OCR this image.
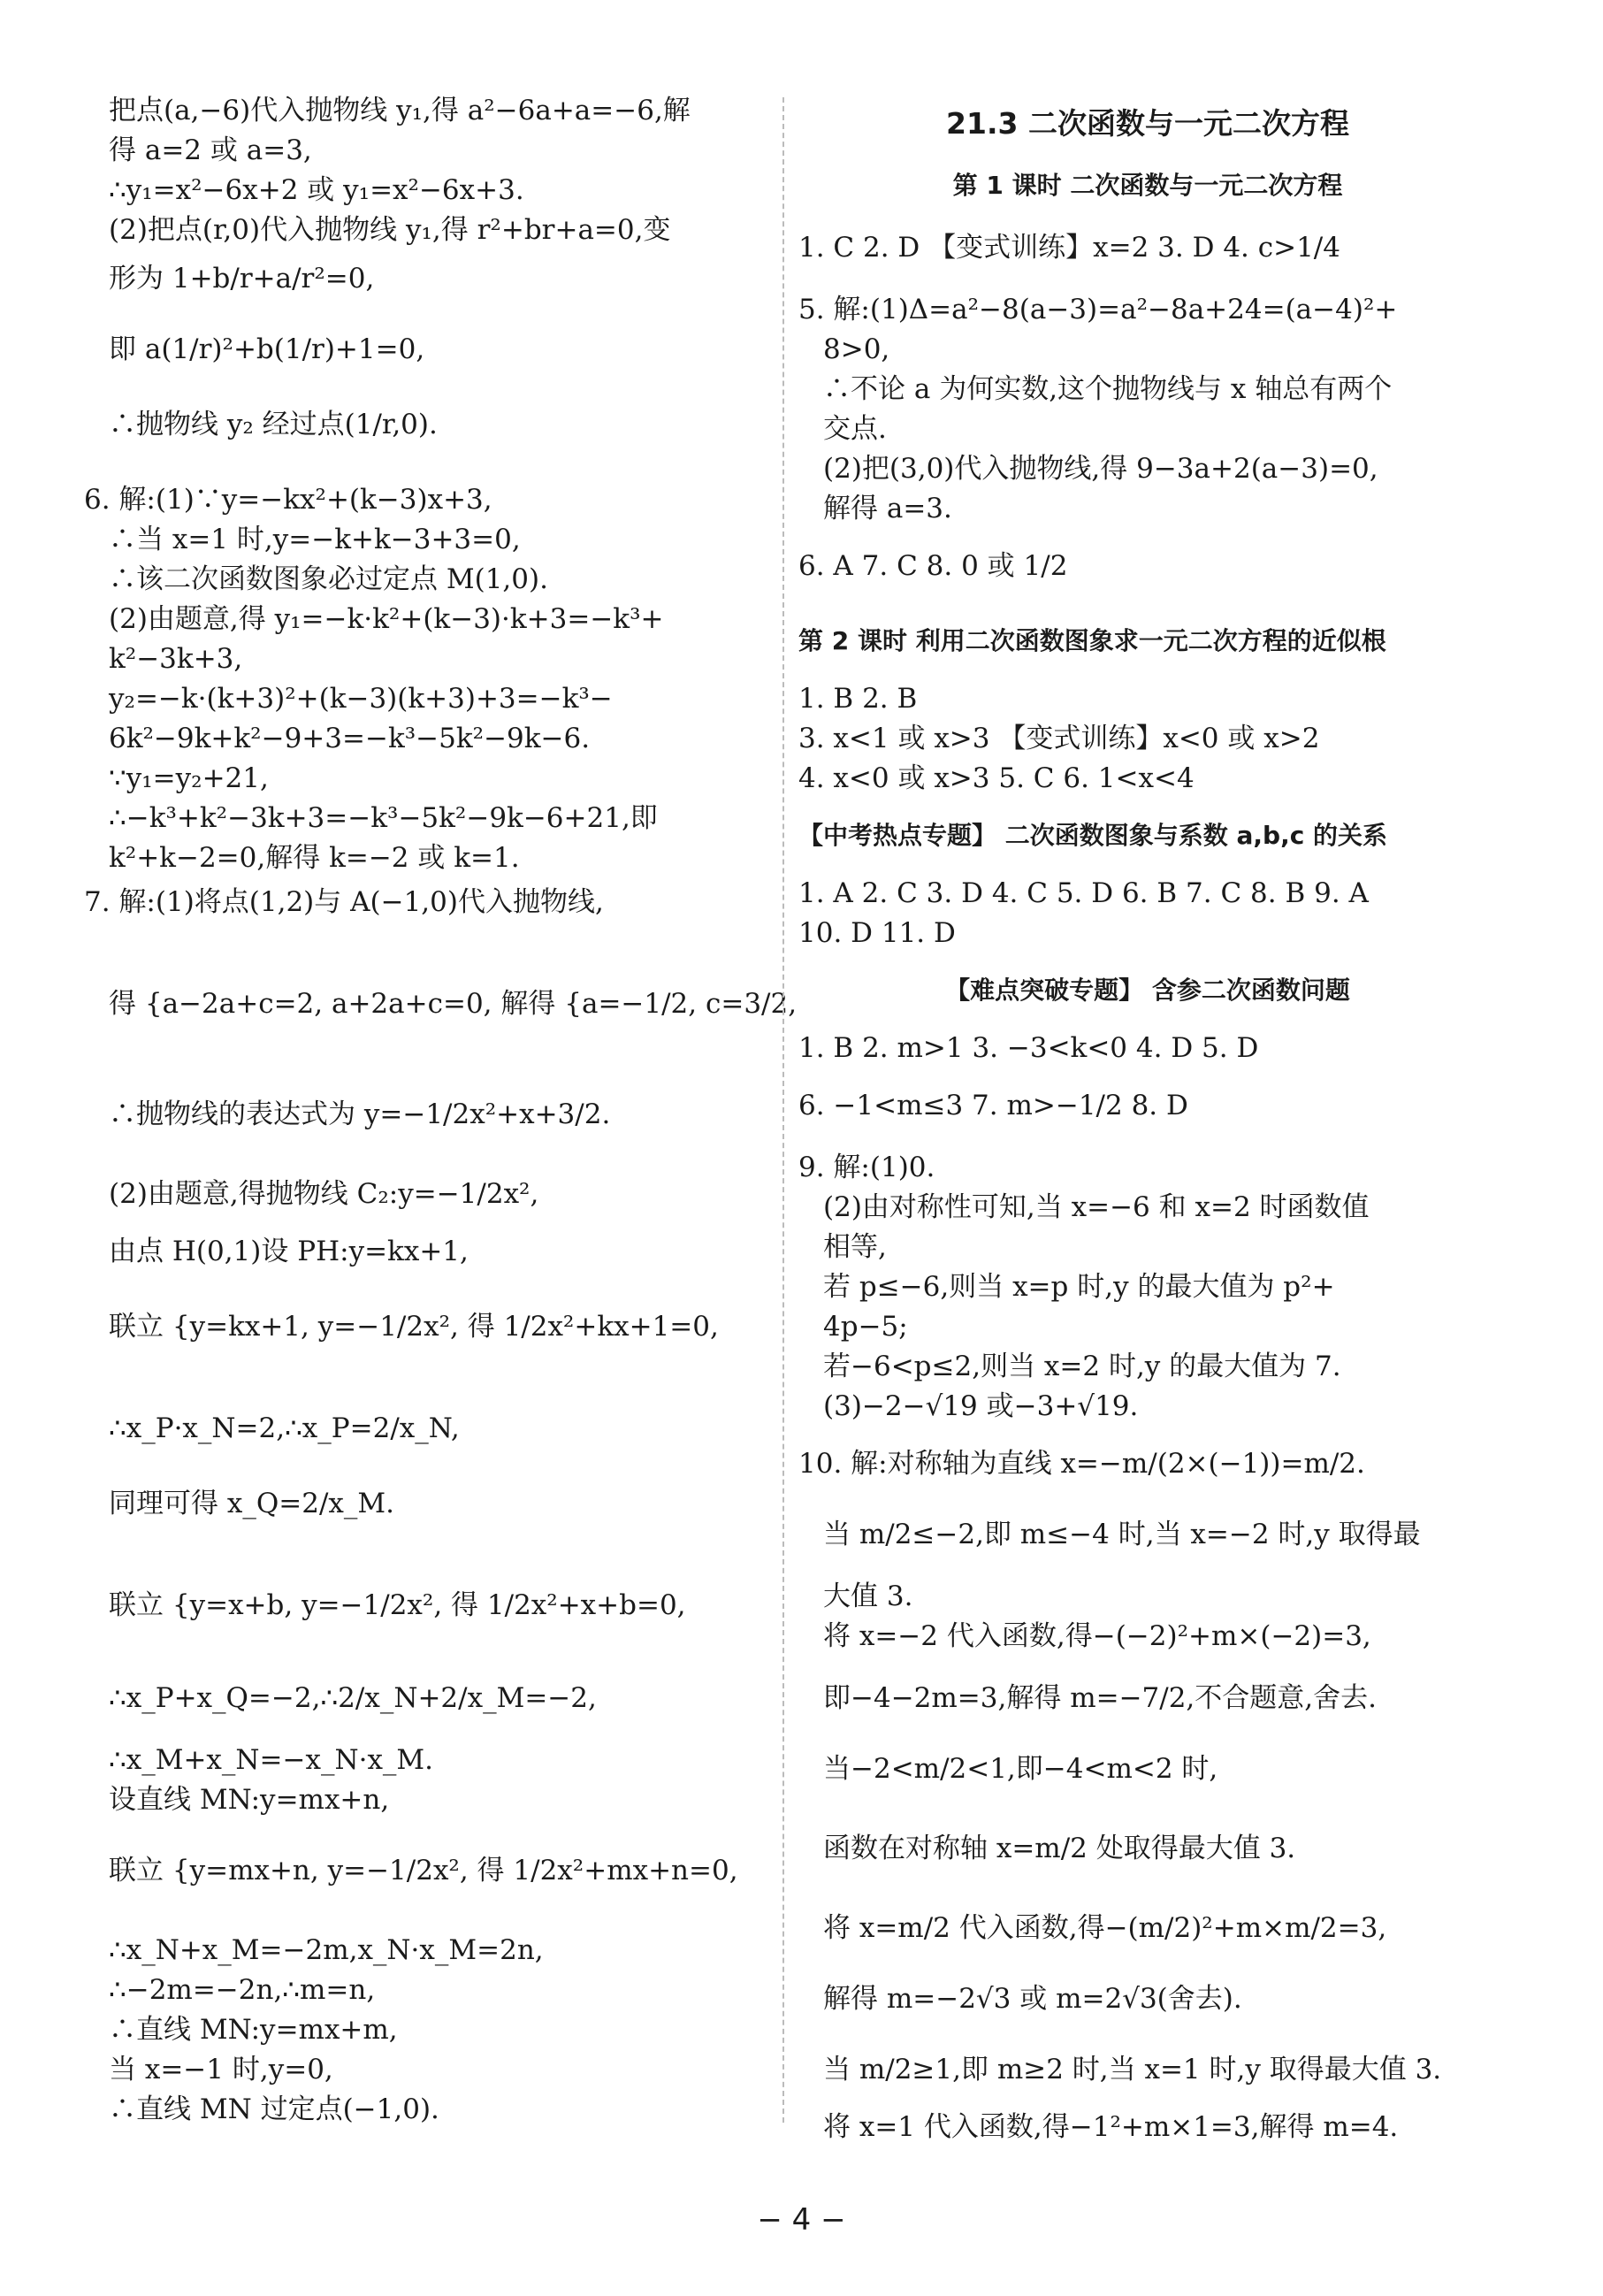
把点(a,−6)代入抛物线 y₁,得 a²−6a+a=−6,解
得 a=2 或 a=3,
∴y₁=x²−6x+2 或 y₁=x²−6x+3.
(2)把点(r,0)代入抛物线 y₁,得 r²+br+a=0,变
形为 1+b/r+a/r²=0,
即 a(1/r)²+b(1/r)+1=0,
∴抛物线 y₂ 经过点(1/r,0).
6. 解:(1)∵y=−kx²+(k−3)x+3,
∴当 x=1 时,y=−k+k−3+3=0,
∴该二次函数图象必过定点 M(1,0).
(2)由题意,得 y₁=−k·k²+(k−3)·k+3=−k³+
k²−3k+3,
y₂=−k·(k+3)²+(k−3)(k+3)+3=−k³−
6k²−9k+k²−9+3=−k³−5k²−9k−6.
∵y₁=y₂+21,
∴−k³+k²−3k+3=−k³−5k²−9k−6+21,即
k²+k−2=0,解得 k=−2 或 k=1.
7. 解:(1)将点(1,2)与 A(−1,0)代入抛物线,
得 {a−2a+c=2, a+2a+c=0, 解得 {a=−1/2, c=3/2,
∴抛物线的表达式为 y=−1/2x²+x+3/2.
(2)由题意,得抛物线 C₂:y=−1/2x²,
由点 H(0,1)设 PH:y=kx+1,
联立 {y=kx+1, y=−1/2x², 得 1/2x²+kx+1=0,
∴x_P·x_N=2,∴x_P=2/x_N,
同理可得 x_Q=2/x_M.
联立 {y=x+b, y=−1/2x², 得 1/2x²+x+b=0,
∴x_P+x_Q=−2,∴2/x_N+2/x_M=−2,
∴x_M+x_N=−x_N·x_M.
设直线 MN:y=mx+n,
联立 {y=mx+n, y=−1/2x², 得 1/2x²+mx+n=0,
∴x_N+x_M=−2m,x_N·x_M=2n,
∴−2m=−2n,∴m=n,
∴直线 MN:y=mx+m,
当 x=−1 时,y=0,
∴直线 MN 过定点(−1,0).
21.3 二次函数与一元二次方程
第 1 课时 二次函数与一元二次方程
1. C 2. D 【变式训练】x=2 3. D 4. c>1/4
5. 解:(1)Δ=a²−8(a−3)=a²−8a+24=(a−4)²+
8>0,
∴不论 a 为何实数,这个抛物线与 x 轴总有两个
交点.
(2)把(3,0)代入抛物线,得 9−3a+2(a−3)=0,
解得 a=3.
6. A 7. C 8. 0 或 1/2
第 2 课时 利用二次函数图象求一元二次方程的近似根
1. B 2. B
3. x<1 或 x>3 【变式训练】x<0 或 x>2
4. x<0 或 x>3 5. C 6. 1<x<4
【中考热点专题】 二次函数图象与系数 a,b,c 的关系
1. A 2. C 3. D 4. C 5. D 6. B 7. C 8. B 9. A
10. D 11. D
【难点突破专题】 含参二次函数问题
1. B 2. m>1 3. −3<k<0 4. D 5. D
6. −1<m≤3 7. m>−1/2 8. D
9. 解:(1)0.
(2)由对称性可知,当 x=−6 和 x=2 时函数值
相等,
若 p≤−6,则当 x=p 时,y 的最大值为 p²+
4p−5;
若−6<p≤2,则当 x=2 时,y 的最大值为 7.
(3)−2−√19 或−3+√19.
10. 解:对称轴为直线 x=−m/(2×(−1))=m/2.
当 m/2≤−2,即 m≤−4 时,当 x=−2 时,y 取得最
大值 3.
将 x=−2 代入函数,得−(−2)²+m×(−2)=3,
即−4−2m=3,解得 m=−7/2,不合题意,舍去.
当−2<m/2<1,即−4<m<2 时,
函数在对称轴 x=m/2 处取得最大值 3.
将 x=m/2 代入函数,得−(m/2)²+m×m/2=3,
解得 m=−2√3 或 m=2√3(舍去).
当 m/2≥1,即 m≥2 时,当 x=1 时,y 取得最大值 3.
将 x=1 代入函数,得−1²+m×1=3,解得 m=4.
− 4 −
